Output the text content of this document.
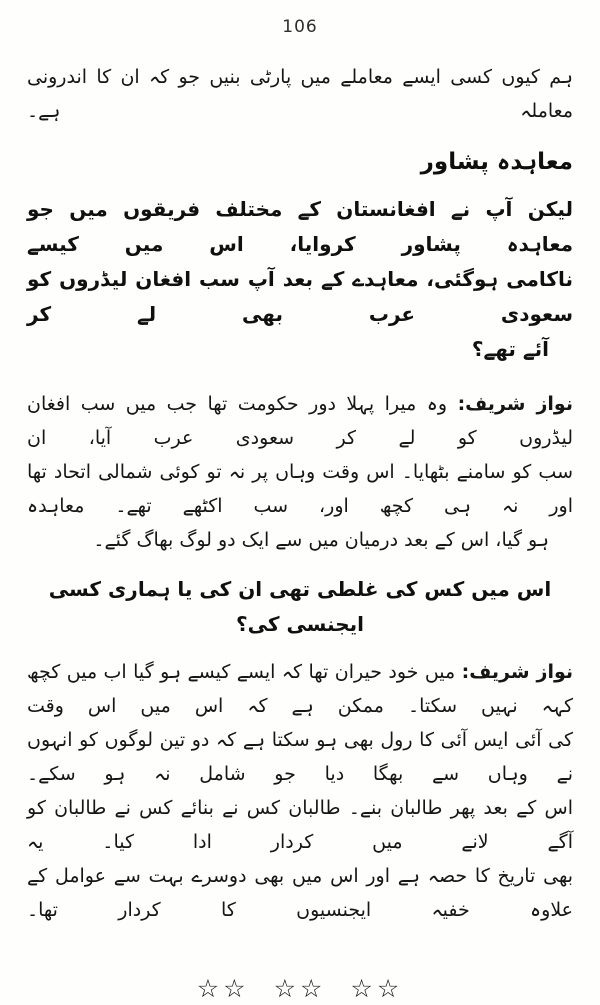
106
ہم کیوں کسی ایسے معاملے میں پارٹی بنیں جو کہ ان کا اندرونی معاملہ ہے۔
معاہدہ پشاور
لیکن آپ نے افغانستان کے مختلف فریقوں میں جو معاہدہ پشاور کروایا، اس میں کیسے
ناکامی ہوگئی، معاہدے کے بعد آپ سب افغان لیڈروں کو سعودی عرب بھی لے کر
آئے تھے؟
نواز شریف: وہ میرا پہلا دور حکومت تھا جب میں سب افغان لیڈروں کو لے کر سعودی عرب آیا، ان
سب کو سامنے بٹھایا۔ اس وقت وہاں پر نہ تو کوئی شمالی اتحاد تھا اور نہ ہی کچھ اور، سب اکٹھے تھے۔ معاہدہ
ہو گیا، اس کے بعد درمیان میں سے ایک دو لوگ بھاگ گئے۔
اس میں کس کی غلطی تھی ان کی یا ہماری کسی ایجنسی کی؟
نواز شریف: میں خود حیران تھا کہ ایسے کیسے ہو گیا اب میں کچھ کہہ نہیں سکتا۔ ممکن ہے کہ اس میں اس وقت
کی آئی ایس آئی کا رول بھی ہو سکتا ہے کہ دو تین لوگوں کو انہوں نے وہاں سے بھگا دیا جو شامل نہ ہو سکے۔
اس کے بعد پھر طالبان بنے۔ طالبان کس نے بنائے کس نے طالبان کو آگے لانے میں کردار ادا کیا۔ یہ
بھی تاریخ کا حصہ ہے اور اس میں بھی دوسرے بہت سے عوامل کے علاوہ خفیہ ایجنسیوں کا کردار تھا۔
☆☆ ☆☆ ☆☆
